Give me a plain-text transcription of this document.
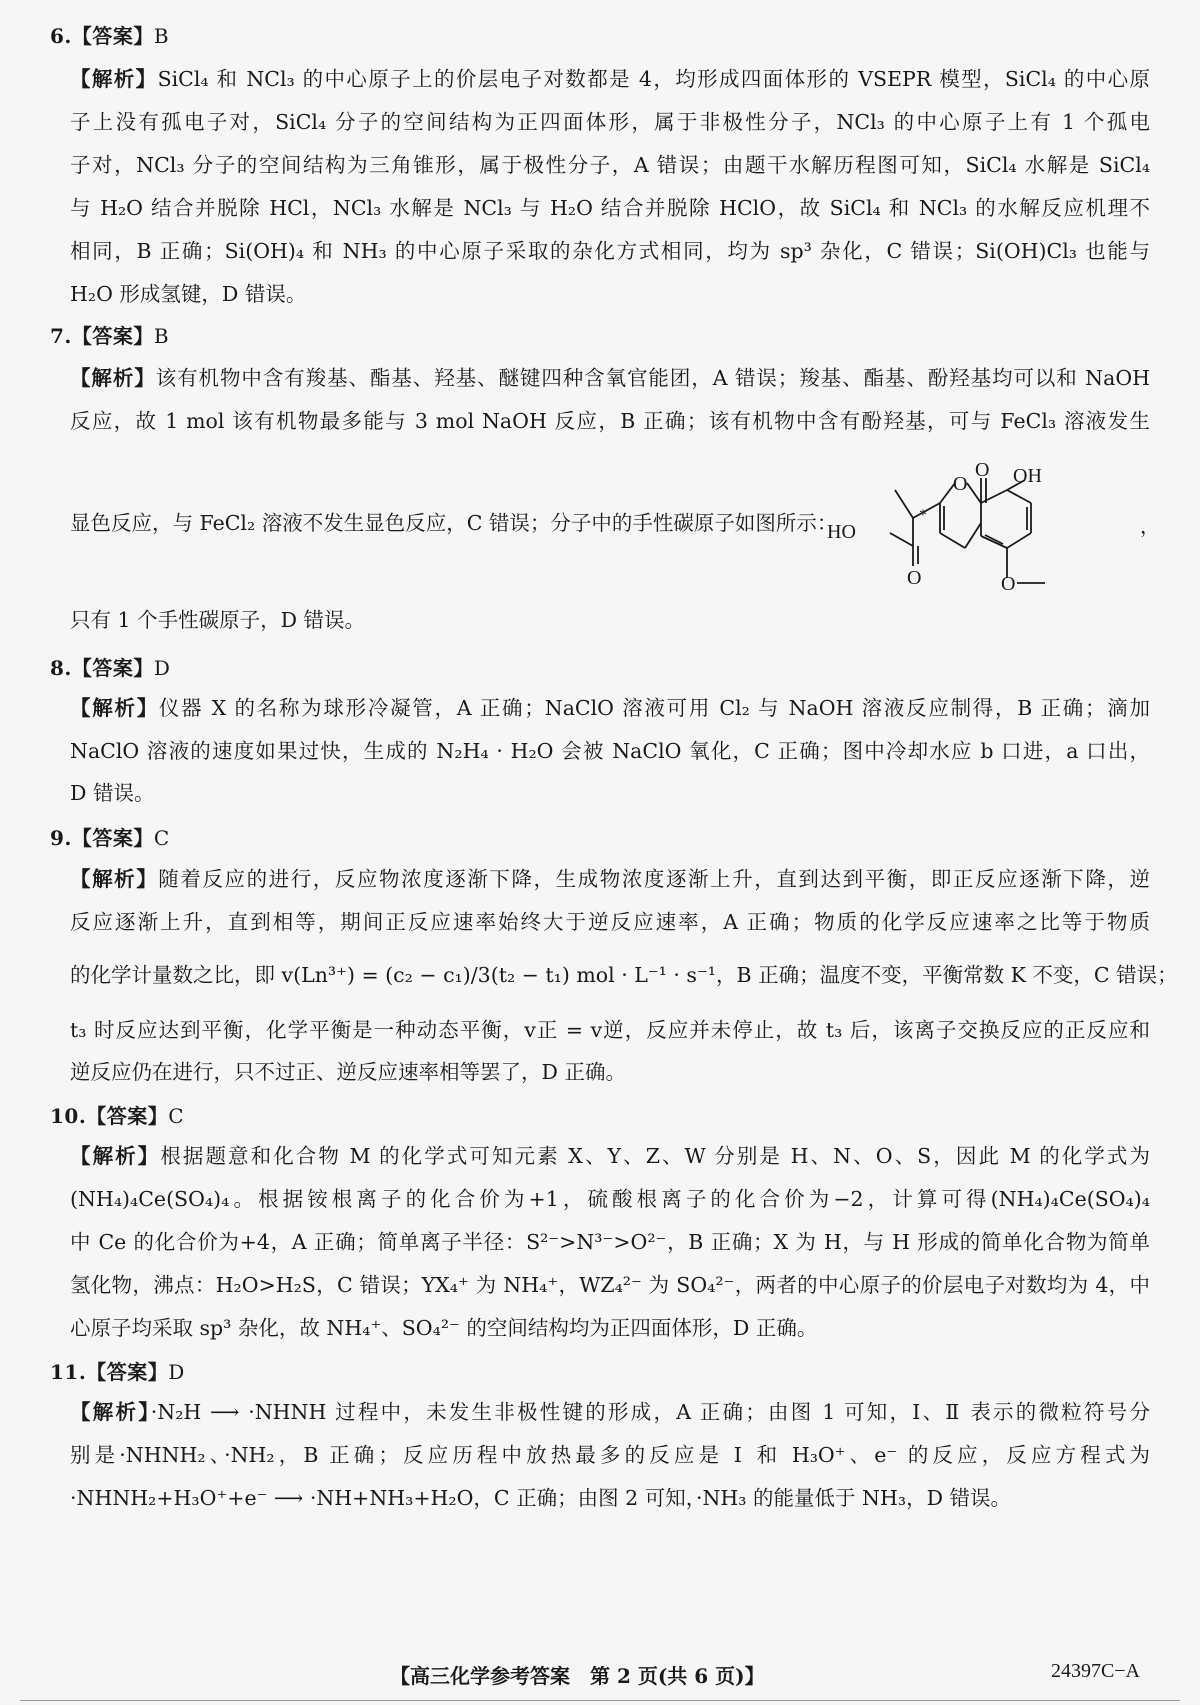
6.【答案】B
【解析】SiCl₄ 和 NCl₃ 的中心原子上的价层电子对数都是 4，均形成四面体形的 VSEPR 模型，SiCl₄ 的中心原
子上没有孤电子对，SiCl₄ 分子的空间结构为正四面体形，属于非极性分子，NCl₃ 的中心原子上有 1 个孤电
子对，NCl₃ 分子的空间结构为三角锥形，属于极性分子，A 错误；由题干水解历程图可知，SiCl₄ 水解是 SiCl₄
与 H₂O 结合并脱除 HCl，NCl₃ 水解是 NCl₃ 与 H₂O 结合并脱除 HClO，故 SiCl₄ 和 NCl₃ 的水解反应机理不
相同，B 正确；Si(OH)₄ 和 NH₃ 的中心原子采取的杂化方式相同，均为 sp³ 杂化，C 错误；Si(OH)Cl₃ 也能与
H₂O 形成氢键，D 错误。
7.【答案】B
【解析】该有机物中含有羧基、酯基、羟基、醚键四种含氧官能团，A 错误；羧基、酯基、酚羟基均可以和 NaOH
反应，故 1 mol 该有机物最多能与 3 mol NaOH 反应，B 正确；该有机物中含有酚羟基，可与 FeCl₃ 溶液发生
显色反应，与 FeCl₂ 溶液不发生显色反应，C 错误；分子中的手性碳原子如图所示：
OH
O
O
HO
O
*
O
，
只有 1 个手性碳原子，D 错误。
8.【答案】D
【解析】仪器 X 的名称为球形冷凝管，A 正确；NaClO 溶液可用 Cl₂ 与 NaOH 溶液反应制得，B 正确；滴加
NaClO 溶液的速度如果过快，生成的 N₂H₄ · H₂O 会被 NaClO 氧化，C 正确；图中冷却水应 b 口进，a 口出，
D 错误。
9.【答案】C
【解析】随着反应的进行，反应物浓度逐渐下降，生成物浓度逐渐上升，直到达到平衡，即正反应逐渐下降，逆
反应逐渐上升，直到相等，期间正反应速率始终大于逆反应速率，A 正确；物质的化学反应速率之比等于物质
的化学计量数之比，即 v(Ln³⁺) = (c₂ − c₁)/3(t₂ − t₁) mol · L⁻¹ · s⁻¹，B 正确；温度不变，平衡常数 K 不变，C 错误；
t₃ 时反应达到平衡，化学平衡是一种动态平衡，v正 = v逆，反应并未停止，故 t₃ 后，该离子交换反应的正反应和
逆反应仍在进行，只不过正、逆反应速率相等罢了，D 正确。
10.【答案】C
【解析】根据题意和化合物 M 的化学式可知元素 X、Y、Z、W 分别是 H、N、O、S，因此 M 的化学式为
(NH₄)₄Ce(SO₄)₄。根据铵根离子的化合价为+1，硫酸根离子的化合价为−2，计算可得(NH₄)₄Ce(SO₄)₄
中 Ce 的化合价为+4，A 正确；简单离子半径：S²⁻>N³⁻>O²⁻，B 正确；X 为 H，与 H 形成的简单化合物为简单
氢化物，沸点：H₂O>H₂S，C 错误；YX₄⁺ 为 NH₄⁺，WZ₄²⁻ 为 SO₄²⁻，两者的中心原子的价层电子对数均为 4，中
心原子均采取 sp³ 杂化，故 NH₄⁺、SO₄²⁻ 的空间结构均为正四面体形，D 正确。
11.【答案】D
【解析】·N₂H ⟶ ·NHNH 过程中，未发生非极性键的形成，A 正确；由图 1 可知，Ⅰ、Ⅱ 表示的微粒符号分
别是·NHNH₂、·NH₂，B 正确；反应历程中放热最多的反应是 Ⅰ 和 H₃O⁺、e⁻ 的反应，反应方程式为
·NHNH₂+H₃O⁺+e⁻ ⟶ ·NH+NH₃+H₂O，C 正确；由图 2 可知，·NH₃ 的能量低于 NH₃，D 错误。
【高三化学参考答案　第 2 页(共 6 页)】	24397C−A
